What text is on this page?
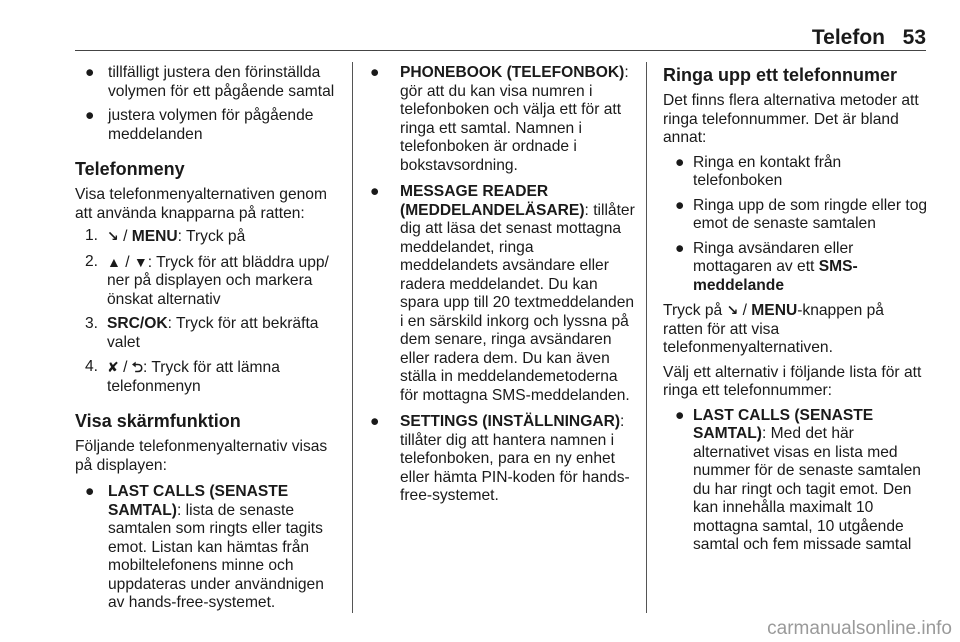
Telefon 53
● tillfälligt justera den förinställda volymen för ett pågående samtal
● justera volymen för pågående meddelanden
Telefonmeny

Visa telefonmenyalternativen genom att använda knapparna på ratten:

1. ↘ / MENU: Tryck på
2. ▲ / ▼: Tryck för att bläddra upp/ ner på displayen och markera önskat alternativ
3. SRC/OK: Tryck för att bekräfta valet
4. ✘ / ⮌: Tryck för att lämna telefonmenyn
Visa skärmfunktion

Följande telefonmenyalternativ visas på displayen:

● LAST CALLS (SENASTE SAMTAL): lista de senaste samtalen som ringts eller tagits emot. Listan kan hämtas från mobiltelefonens minne och uppdateras under användnigen av hands-free-systemet.
● PHONEBOOK (TELEFONBOK): gör att du kan visa numren i telefonboken och välja ett för att ringa ett samtal. Namnen i telefonboken är ordnade i bokstavsordning.
● MESSAGE READER (MEDDELANDELÄSARE): tillåter dig att läsa det senast mottagna meddelandet, ringa meddelandets avsändare eller radera meddelandet. Du kan spara upp till 20 textmeddelanden i en särskild inkorg och lyssna på dem senare, ringa avsändaren eller radera dem. Du kan även ställa in meddelandemetoderna för mottagna SMS-meddelanden.
● SETTINGS (INSTÄLLNINGAR): tillåter dig att hantera namnen i telefonboken, para en ny enhet eller hämta PIN-koden för hands-free-systemet.
Ringa upp ett telefonnumer

Det finns flera alternativa metoder att ringa telefonnummer. Det är bland annat:

● Ringa en kontakt från telefonboken
● Ringa upp de som ringde eller tog emot de senaste samtalen
● Ringa avsändaren eller mottagaren av ett SMS-meddelande

Tryck på ↘ / MENU-knappen på ratten för att visa telefonmenyalternativen.

Välj ett alternativ i följande lista för att ringa ett telefonnummer:

● LAST CALLS (SENASTE SAMTAL): Med det här alternativet visas en lista med nummer för de senaste samtalen du har ringt och tagit emot. Den kan innehålla maximalt 10 mottagna samtal, 10 utgående samtal och fem missade samtal
carmanualsonline.info
